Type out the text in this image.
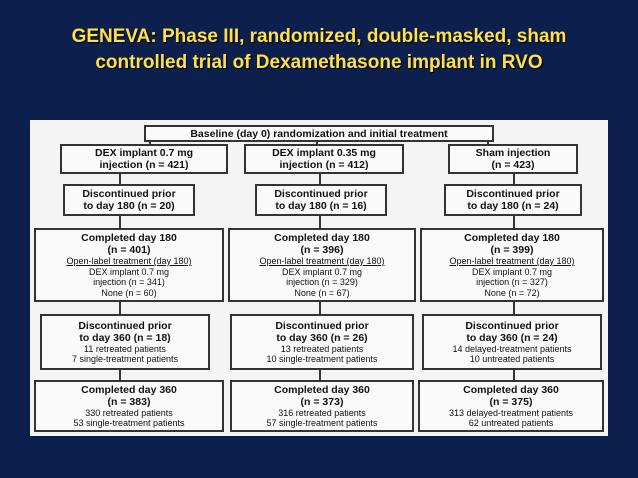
GENEVA: Phase III, randomized, double-masked, sham
controlled trial of Dexamethasone implant in RVO
Baseline (day 0) randomization and initial treatment
DEX implant 0.7 mg
injection (n = 421)
Discontinued prior
to day 180 (n = 20)
Completed day 180
(n = 401)
Open-label treatment (day 180)
DEX implant 0.7 mg
injection (n = 341)
None (n = 60)
Discontinued prior
to day 360 (n = 18)
11 retreated patients
7 single-treatment patients
Completed day 360
(n = 383)
330 retreated patients
53 single-treatment patients
DEX implant 0.35 mg
injection (n = 412)
Discontinued prior
to day 180 (n = 16)
Completed day 180
(n = 396)
Open-label treatment (day 180)
DEX implant 0.7 mg
injection (n = 329)
None (n = 67)
Discontinued prior
to day 360 (n = 26)
13 retreated patients
10 single-treatment patients
Completed day 360
(n = 373)
316 retreated patients
57 single-treatment patients
Sham injection
(n = 423)
Discontinued prior
to day 180 (n = 24)
Completed day 180
(n = 399)
Open-label treatment (day 180)
DEX implant 0.7 mg
injection (n = 327)
None (n = 72)
Discontinued prior
to day 360 (n = 24)
14 delayed-treatment patients
10 untreated patients
Completed day 360
(n = 375)
313 delayed-treatment patients
62 untreated patients
